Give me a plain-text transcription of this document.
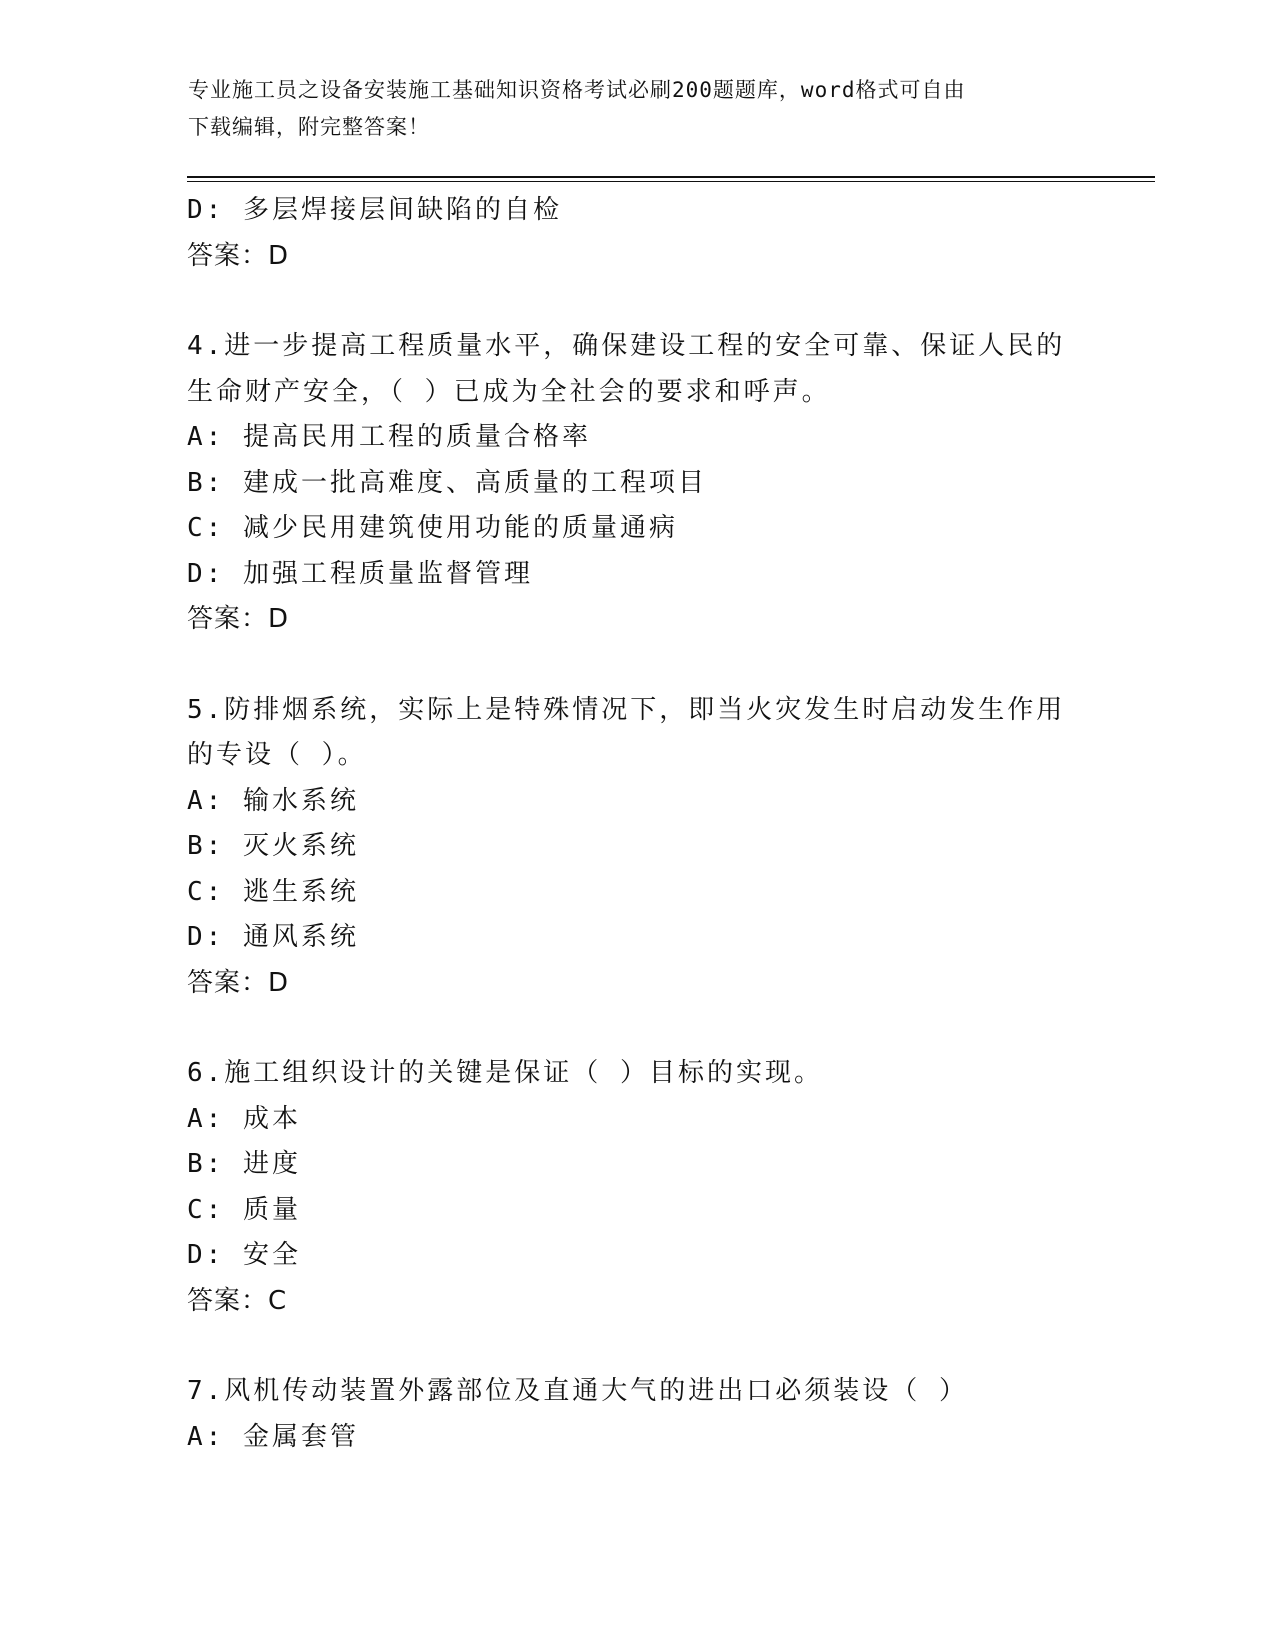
专业施工员之设备安装施工基础知识资格考试必刷200题题库，word格式可自由
下载编辑，附完整答案！
D: 多层焊接层间缺陷的自检
答案：D
4.进一步提高工程质量水平，确保建设工程的安全可靠、保证人民的
生命财产安全，（ ）已成为全社会的要求和呼声。
A: 提高民用工程的质量合格率
B: 建成一批高难度、高质量的工程项目
C: 减少民用建筑使用功能的质量通病
D: 加强工程质量监督管理
答案：D
5.防排烟系统，实际上是特殊情况下，即当火灾发生时启动发生作用
的专设（ ）。
A: 输水系统
B: 灭火系统
C: 逃生系统
D: 通风系统
答案：D
6.施工组织设计的关键是保证（ ）目标的实现。
A: 成本
B: 进度
C: 质量
D: 安全
答案：C
7.风机传动装置外露部位及直通大气的进出口必须装设（ ）
A: 金属套管
